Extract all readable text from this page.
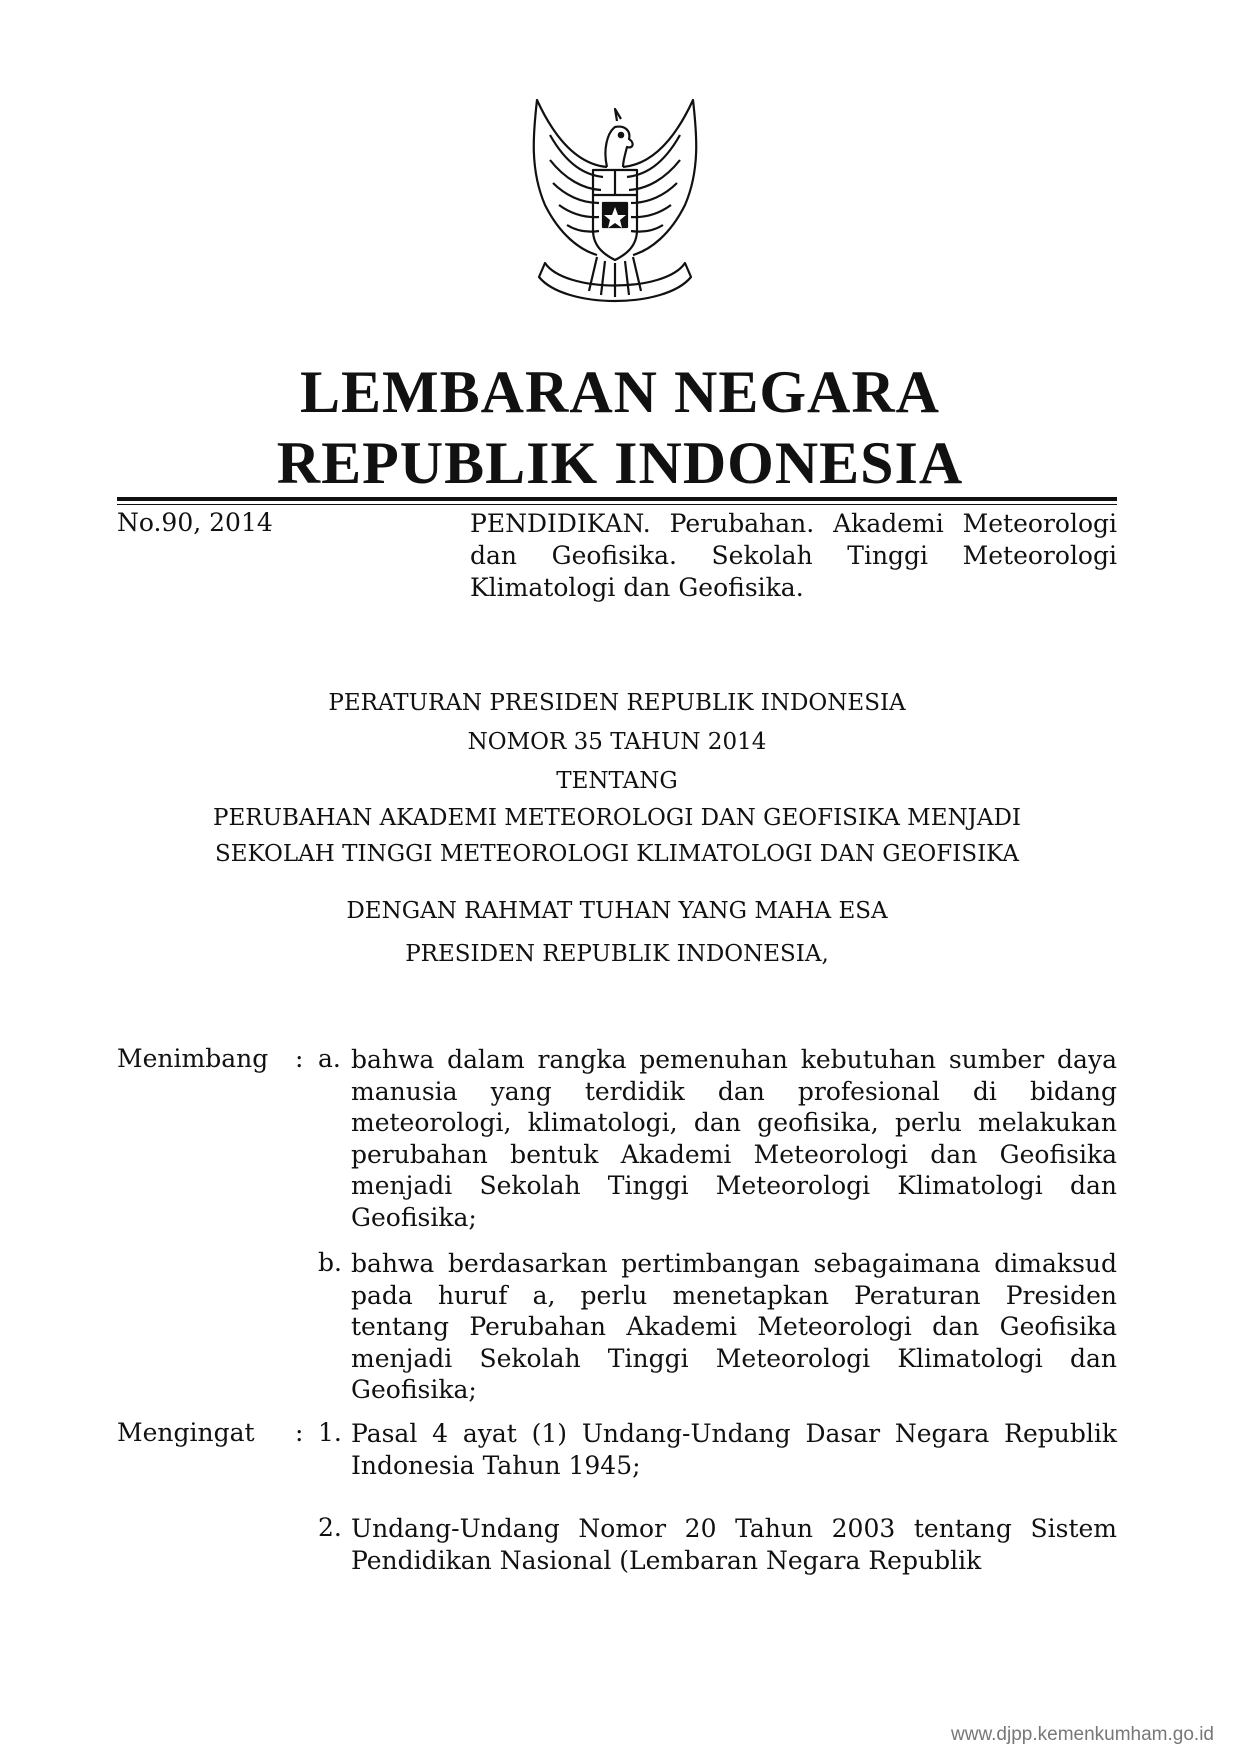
LEMBARAN NEGARA
REPUBLIK INDONESIA
No.90, 2014	PENDIDIKAN. Perubahan. Akademi Meteorologi dan Geofisika. Sekolah Tinggi Meteorologi Klimatologi dan Geofisika.
PERATURAN PRESIDEN REPUBLIK INDONESIA
NOMOR 35 TAHUN 2014
TENTANG
PERUBAHAN AKADEMI METEOROLOGI DAN GEOFISIKA MENJADI
SEKOLAH TINGGI METEOROLOGI KLIMATOLOGI DAN GEOFISIKA
DENGAN RAHMAT TUHAN YANG MAHA ESA
PRESIDEN REPUBLIK INDONESIA,
Menimbang : a. bahwa dalam rangka pemenuhan kebutuhan sumber daya manusia yang terdidik dan profesional di bidang meteorologi, klimatologi, dan geofisika, perlu melakukan perubahan bentuk Akademi Meteorologi dan Geofisika menjadi Sekolah Tinggi Meteorologi Klimatologi dan Geofisika;
b. bahwa berdasarkan pertimbangan sebagaimana dimaksud pada huruf a, perlu menetapkan Peraturan Presiden tentang Perubahan Akademi Meteorologi dan Geofisika menjadi Sekolah Tinggi Meteorologi Klimatologi dan Geofisika;
Mengingat : 1. Pasal 4 ayat (1) Undang-Undang Dasar Negara Republik Indonesia Tahun 1945;
2. Undang-Undang Nomor 20 Tahun 2003 tentang Sistem Pendidikan Nasional (Lembaran Negara Republik
www.djpp.kemenkumham.go.id
